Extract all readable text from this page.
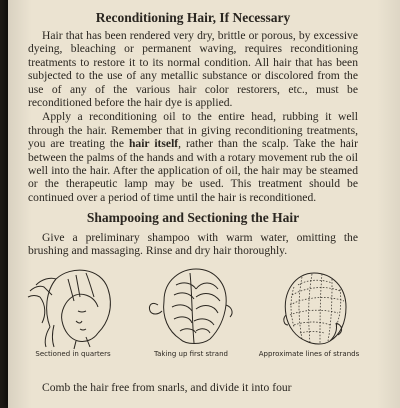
Reconditioning Hair, If Necessary

Hair that has been rendered very dry, brittle or porous, by excessive dyeing, bleaching or permanent waving, requires reconditioning treatments to restore it to its normal condition. All hair that has been subjected to the use of any metallic substance or discolored from the use of any of the various hair color restorers, etc., must be reconditioned before the hair dye is applied.

Apply a reconditioning oil to the entire head, rubbing it well through the hair. Remember that in giving reconditioning treatments, you are treating the hair itself, rather than the scalp. Take the hair between the palms of the hands and with a rotary movement rub the oil well into the hair. After the application of oil, the hair may be steamed or the therapeutic lamp may be used. This treatment should be continued over a period of time until the hair is reconditioned.

Shampooing and Sectioning the Hair

Give a preliminary shampoo with warm water, omitting the brushing and massaging. Rinse and dry hair thoroughly.

Sectioned in quarters	Taking up first strand	Approximate lines of strands

Comb the hair free from snarls, and divide it into four
